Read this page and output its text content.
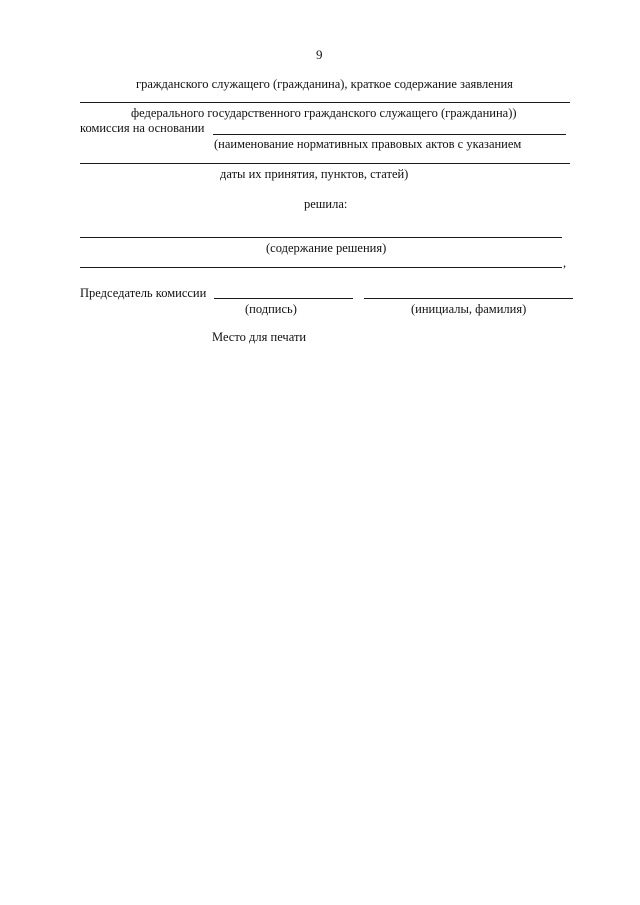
9
гражданского служащего (гражданина), краткое содержание заявления
федерального государственного гражданского служащего (гражданина))
комиссия на основании
(наименование нормативных правовых актов с указанием
даты их принятия, пунктов, статей)
решила:
(содержание решения)
,
Председатель комиссии
(подпись)	(инициалы, фамилия)
Место для печати
